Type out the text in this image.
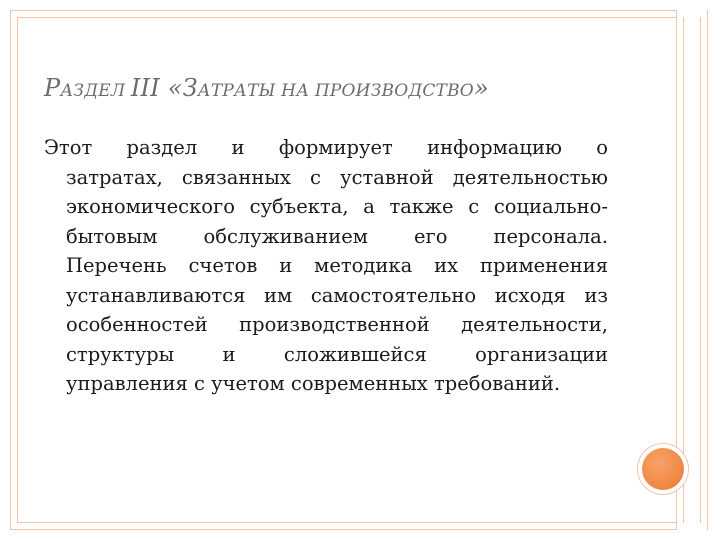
РАЗДЕЛ III «ЗАТРАТЫ НА ПРОИЗВОДСТВО»
Этот раздел и формирует информацию о
затратах, связанных с уставной деятельностью
экономического субъекта, а также с социально-
бытовым обслуживанием его персонала.
Перечень счетов и методика их применения
устанавливаются им самостоятельно исходя из
особенностей производственной деятельности,
структуры и сложившейся организации
управления с учетом современных требований.
